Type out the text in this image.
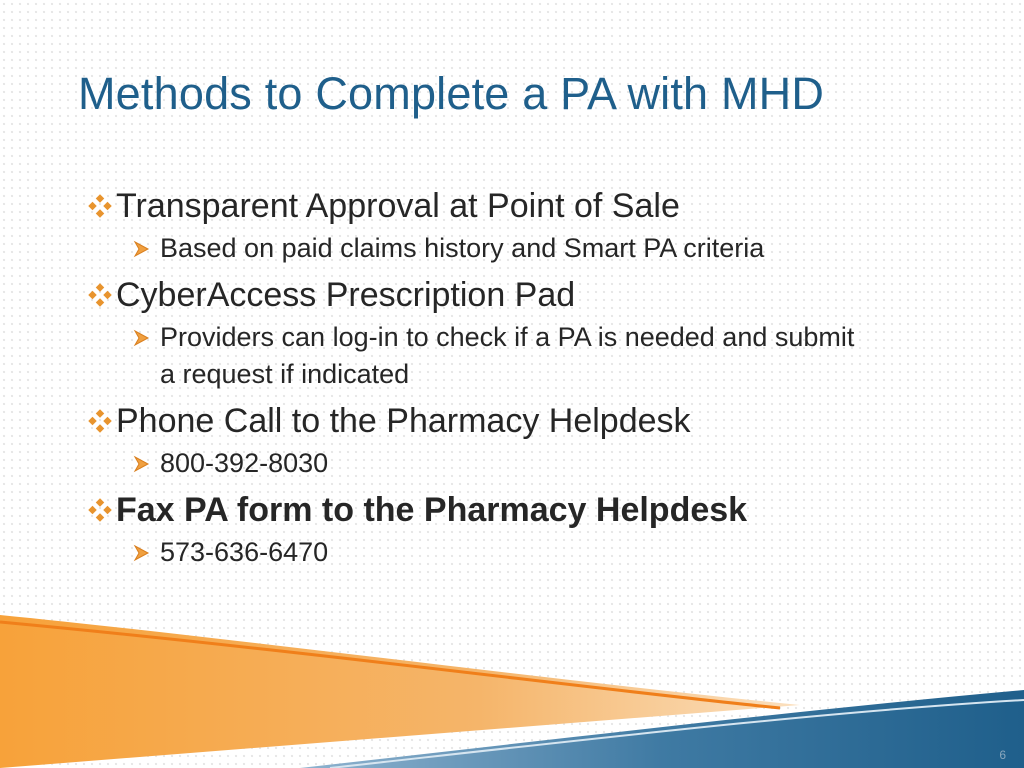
Methods to Complete a PA with MHD
Transparent Approval at Point of Sale
Based on paid claims history and Smart PA criteria
CyberAccess Prescription Pad
Providers can log-in to check if a PA is needed and submit a request if indicated
Phone Call to the Pharmacy Helpdesk
800-392-8030
Fax PA form to the Pharmacy Helpdesk
573-636-6470
6
